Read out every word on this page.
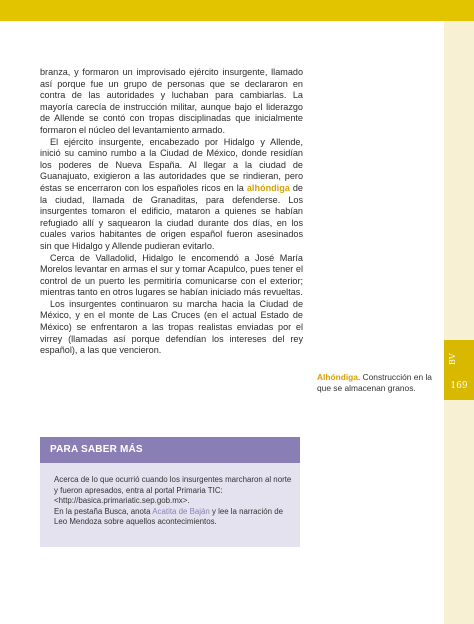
BV
169

branza, y formaron un improvisado ejército insurgente, llamado así porque fue un grupo de personas que se declararon en contra de las autoridades y luchaban para cambiarlas. La mayoría carecía de instrucción militar, aunque bajo el liderazgo de Allende se contó con tropas disciplinadas que inicialmente formaron el núcleo del levantamiento armado.

El ejército insurgente, encabezado por Hidalgo y Allende, inició su camino rumbo a la Ciudad de México, donde residían los poderes de Nueva España. Al llegar a la ciudad de Guanajuato, exigieron a las autoridades que se rindieran, pero éstas se encerraron con los españoles ricos en la alhóndiga de la ciudad, llamada de Granaditas, para defenderse. Los insurgentes tomaron el edificio, mataron a quienes se habían refugiado allí y saquearon la ciudad durante dos días, en los cuales varios habitantes de origen español fueron asesinados sin que Hidalgo y Allende pudieran evitarlo.

Cerca de Valladolid, Hidalgo le encomendó a José María Morelos levantar en armas el sur y tomar Acapulco, pues tener el control de un puerto les permitiría comunicarse con el exterior; mientras tanto en otros lugares se habían iniciado más revueltas.

Los insurgentes continuaron su marcha hacia la Ciudad de México, y en el monte de Las Cruces (en el actual Estado de México) se enfrentaron a las tropas realistas enviadas por el virrey (llamadas así porque defendían los intereses del rey español), a las que vencieron.

Alhóndiga. Construcción en la que se almacenan granos.
PARA SABER MÁS

Acerca de lo que ocurrió cuando los insurgentes marcharon al norte y fueron apresados, entra al portal Primaria TIC: <http://basica.primariatic.sep.gob.mx>.

En la pestaña Busca, anota Acatita de Baján y lee la narración de Leo Mendoza sobre aquellos acontecimientos.
